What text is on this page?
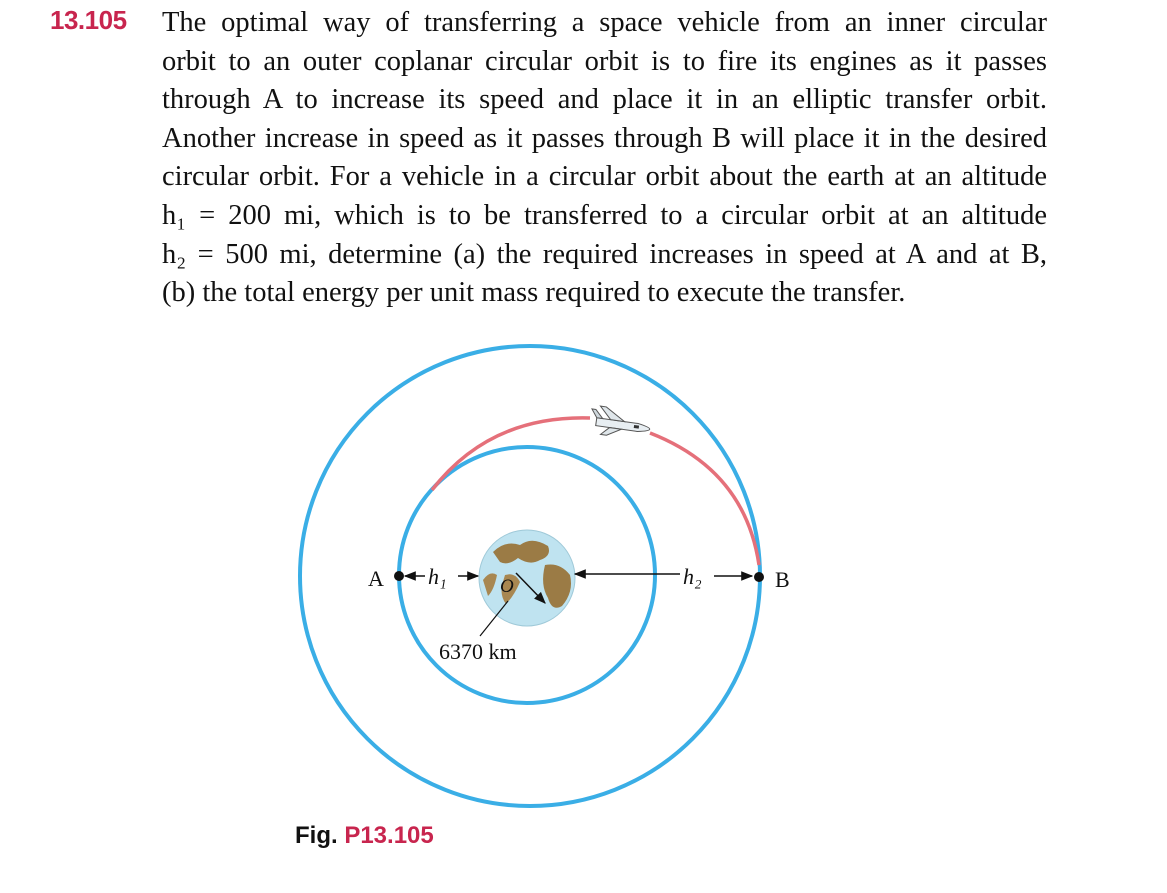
13.105 The optimal way of transferring a space vehicle from an inner circular
orbit to an outer coplanar circular orbit is to fire its engines as it passes
through A to increase its speed and place it in an elliptic transfer orbit.
Another increase in speed as it passes through B will place it in the desired
circular orbit. For a vehicle in a circular orbit about the earth at an altitude
h₁ = 200 mi, which is to be transferred to a circular orbit at an altitude
h₂ = 500 mi, determine (a) the required increases in speed at A and at B,
(b) the total energy per unit mass required to execute the transfer.
A	B
h₁	h₂
O
6370 km
Fig. P13.105
